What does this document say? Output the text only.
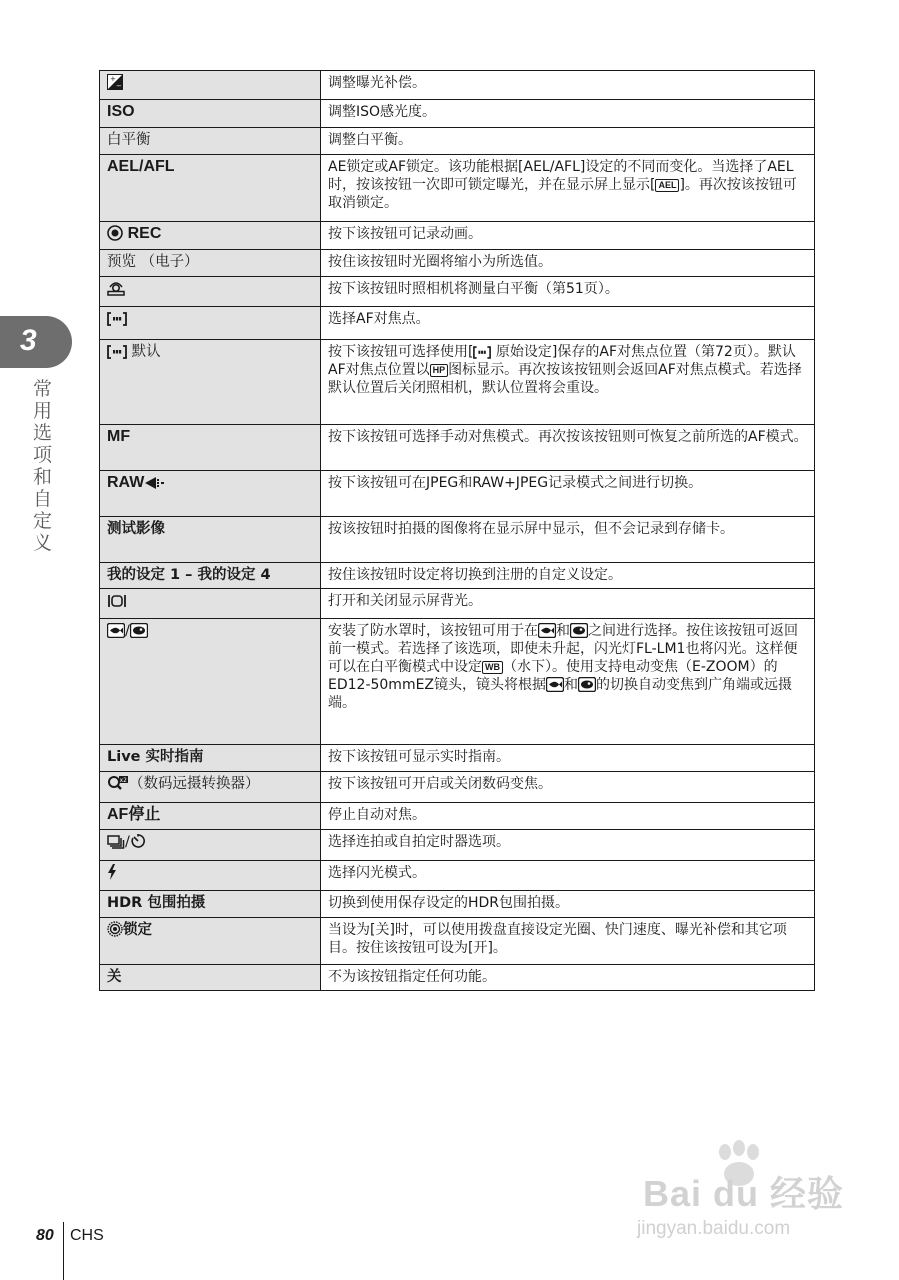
3
常用选项和自定义
+
−	调整曝光补偿。
ISO	调整ISO感光度。
白平衡	调整白平衡。
AEL/AFL	AE锁定或AF锁定。该功能根据[AEL/AFL]设定的不同而变化。当选择了AEL时，按该按钮一次即可锁定曝光，并在显示屏上显示[ AEL ]。再次按该按钮可取消锁定。
REC	按下该按钮可记录动画。
预览 （电子）	按住该按钮时光圈将缩小为所选值。
	按下该按钮时照相机将测量白平衡（第51页）。
	选择AF对焦点。
默认	按下该按钮可选择使用[ 原始设定]保存的AF对焦点位置（第72页）。默认AF对焦点位置以 HP 图标显示。再次按该按钮则会返回AF对焦点模式。若选择默认位置后关闭照相机，默认位置将会重设。
MF	按下该按钮可选择手动对焦模式。再次按该按钮则可恢复之前所选的AF模式。
RAW	按下该按钮可在JPEG和RAW+JPEG记录模式之间进行切换。
测试影像	按该按钮时拍摄的图像将在显示屏中显示，但不会记录到存储卡。
我的设定 1 – 我的设定 4	按住该按钮时设定将切换到注册的自定义设定。
	打开和关闭显示屏背光。
/	安装了防水罩时，该按钮可用于在 和 之间进行选择。按住该按钮可返回前一模式。若选择了该选项，即使未升起，闪光灯FL-LM1也将闪光。这样便可以在白平衡模式中设定 WB （水下）。使用支持电动变焦（E-ZOOM）的ED12-50mmEZ镜头，镜头将根据 和 的切换自动变焦到广角端或远摄端。
Live 实时指南	按下该按钮可显示实时指南。

x2 （数码远摄转换器）	按下该按钮可开启或关闭数码变焦。
AF停止	停止自动对焦。
/	选择连拍或自拍定时器选项。
	选择闪光模式。
HDR 包围拍摄	切换到使用保存设定的HDR包围拍摄。
锁定	当设为[关]时，可以使用拨盘直接设定光圈、快门速度、曝光补偿和其它项目。按住该按钮可设为[开]。
关	不为该按钮指定任何功能。
Bai du 经验
jingyan.baidu.com
80 CHS
